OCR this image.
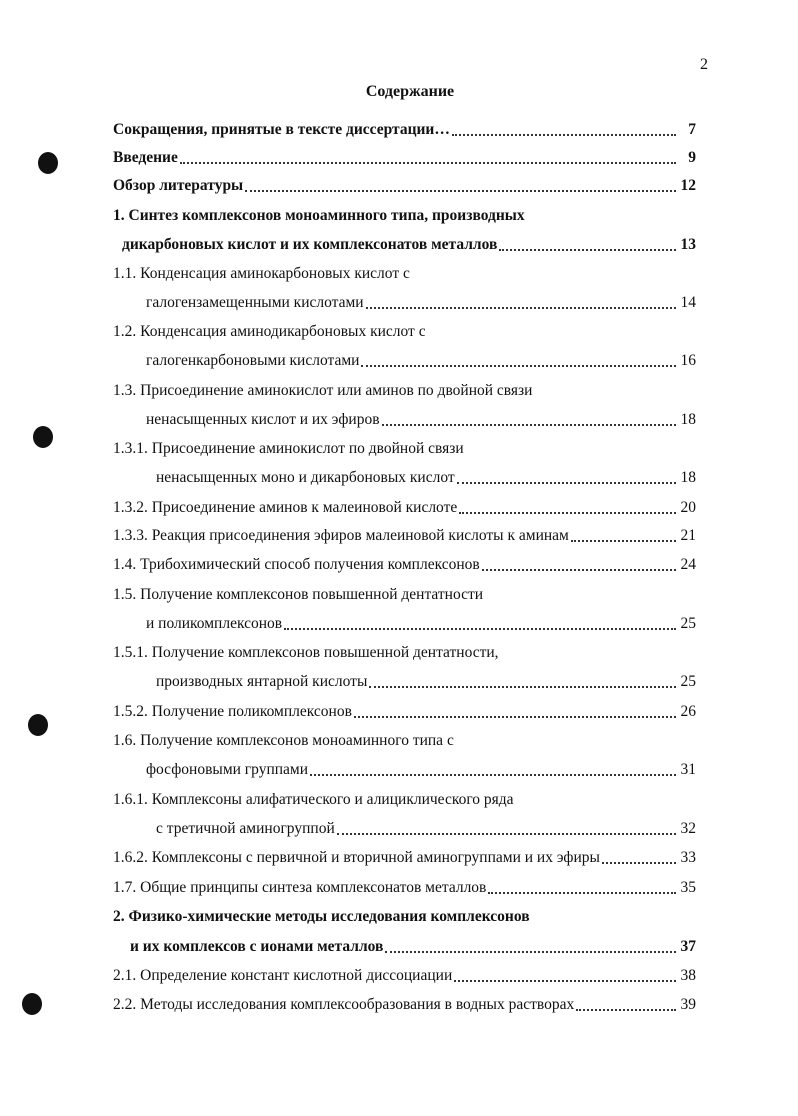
2
Содержание
Сокращения, принятые в тексте диссертации…	7
Введение	9
Обзор литературы	12
1. Синтез комплексонов моноаминного типа, производных
дикарбоновых кислот и их комплексонатов металлов	13
1.1. Конденсация аминокарбоновых кислот с
галогензамещенными кислотами	14
1.2. Конденсация аминодикарбоновых кислот с
галогенкарбоновыми кислотами	16
1.3. Присоединение аминокислот или аминов по двойной связи
ненасыщенных кислот и их эфиров	18
1.3.1. Присоединение аминокислот по двойной связи
ненасыщенных моно и дикарбоновых кислот	18
1.3.2. Присоединение аминов к малеиновой кислоте	20
1.3.3. Реакция присоединения эфиров малеиновой кислоты к аминам	21
1.4. Трибохимический способ получения комплексонов	24
1.5. Получение комплексонов повышенной дентатности
и поликомплексонов	25
1.5.1. Получение комплексонов повышенной дентатности,
производных янтарной кислоты	25
1.5.2. Получение поликомплексонов	26
1.6. Получение комплексонов моноаминного типа с
фосфоновыми группами	31
1.6.1. Комплексоны алифатического и алициклического ряда
с третичной аминогруппой	32
1.6.2. Комплексоны с первичной и вторичной аминогруппами и их эфиры	33
1.7. Общие принципы синтеза комплексонатов металлов	35
2. Физико-химические методы исследования комплексонов
и их комплексов с ионами металлов	37
2.1. Определение констант кислотной диссоциации	38
2.2. Методы исследования комплексообразования в водных растворах	39
